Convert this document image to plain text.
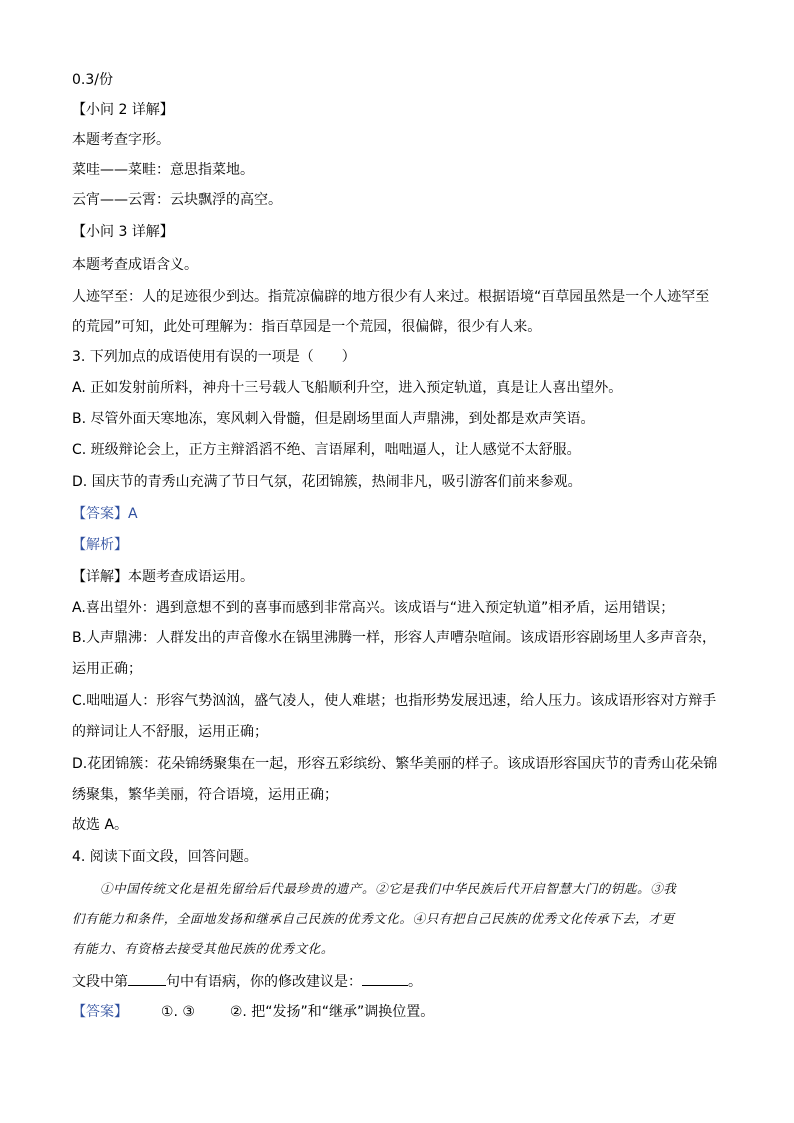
0.3/份
【小问 2 详解】
本题考查字形。
菜哇——菜畦：意思指菜地。
云宵——云霄：云块飘浮的高空。
【小问 3 详解】
本题考查成语含义。
人迹罕至：人的足迹很少到达。指荒凉偏辟的地方很少有人来过。根据语境“百草园虽然是一个人迹罕至
的荒园”可知，此处可理解为：指百草园是一个荒园，很偏僻，很少有人来。
3. 下列加点的成语使用有误的一项是（　　）
A. 正如发射前所料，神舟十三号载人飞船顺利升空，进入预定轨道，真是让人喜出望外。
B. 尽管外面天寒地冻，寒风刺入骨髓，但是剧场里面人声鼎沸，到处都是欢声笑语。
C. 班级辩论会上，正方主辩滔滔不绝、言语犀利，咄咄逼人，让人感觉不太舒服。
D. 国庆节的青秀山充满了节日气氛，花团锦簇，热闹非凡，吸引游客们前来参观。
【答案】A
【解析】
【详解】本题考查成语运用。
A.喜出望外：遇到意想不到的喜事而感到非常高兴。该成语与“进入预定轨道”相矛盾，运用错误；
B.人声鼎沸：人群发出的声音像水在锅里沸腾一样，形容人声嘈杂喧闹。该成语形容剧场里人多声音杂，
运用正确；
C.咄咄逼人：形容气势汹汹，盛气凌人，使人难堪；也指形势发展迅速，给人压力。该成语形容对方辩手
的辩词让人不舒服，运用正确；
D.花团锦簇：花朵锦绣聚集在一起，形容五彩缤纷、繁华美丽的样子。该成语形容国庆节的青秀山花朵锦
绣聚集，繁华美丽，符合语境，运用正确；
故选 A。
4. 阅读下面文段，回答问题。
①中国传统文化是祖先留给后代最珍贵的遗产。②它是我们中华民族后代开启智慧大门的钥匙。③我
们有能力和条件，全面地发扬和继承自己民族的优秀文化。④只有把自己民族的优秀文化传承下去，才更
有能力、有资格去接受其他民族的优秀文化。
文段中第	句中有语病，你的修改建议是：	。
【答案】 ①. ③ ②. 把“发扬”和“继承”调换位置。
